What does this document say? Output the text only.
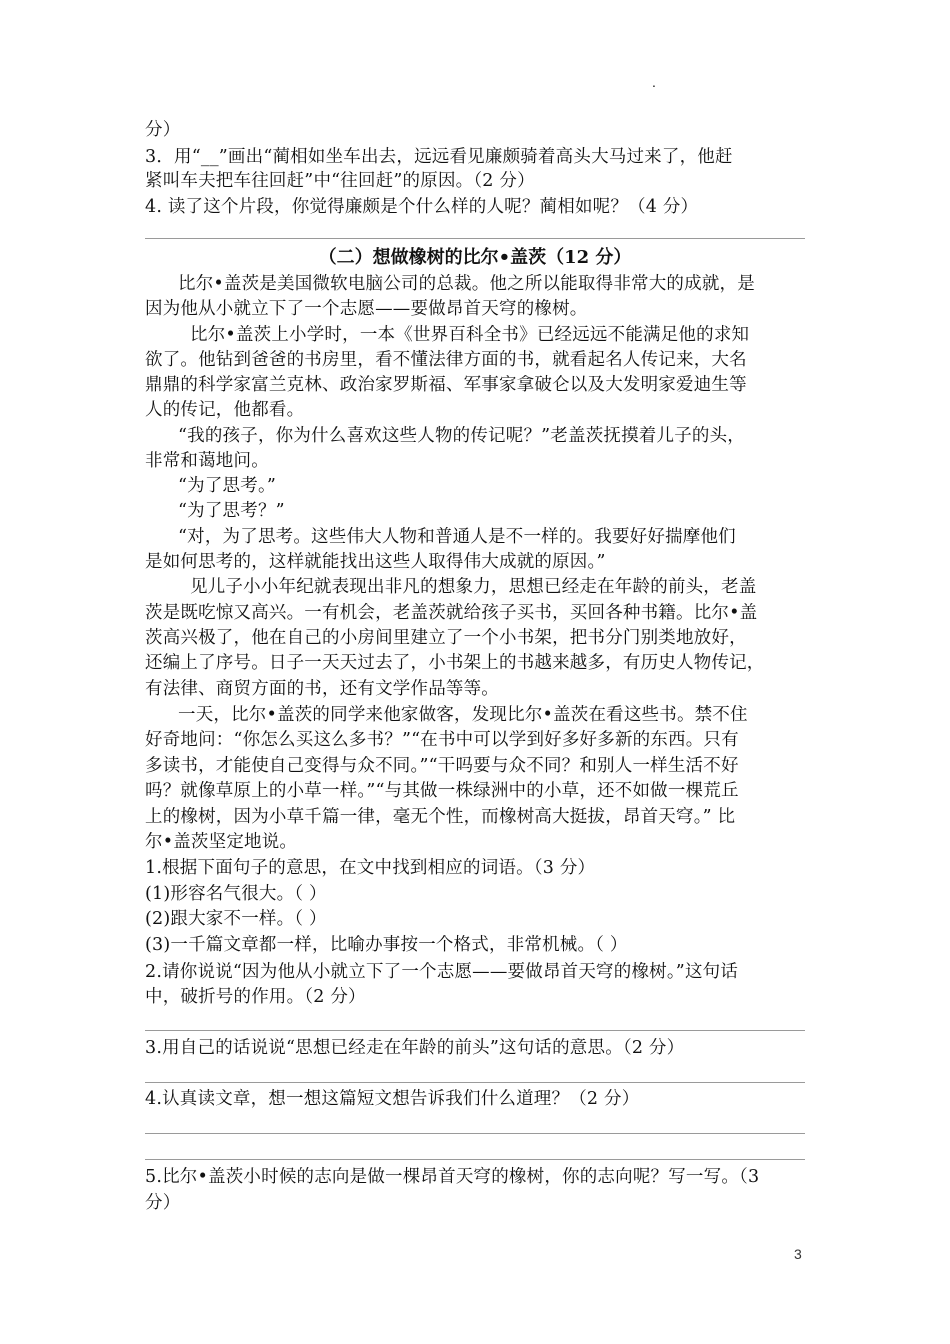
.
分）
3．用“__”画出“蔺相如坐车出去，远远看见廉颇骑着高头大马过来了，他赶
紧叫车夫把车往回赶”中“往回赶”的原因。（2 分）
4. 读了这个片段，你觉得廉颇是个什么样的人呢？蔺相如呢？（4 分）
（二）想做橡树的比尔•盖茨（12 分）
比尔•盖茨是美国微软电脑公司的总裁。他之所以能取得非常大的成就，是
因为他从小就立下了一个志愿——要做昂首天穹的橡树。
比尔•盖茨上小学时，一本《世界百科全书》已经远远不能满足他的求知
欲了。他钻到爸爸的书房里，看不懂法律方面的书，就看起名人传记来，大名
鼎鼎的科学家富兰克林、政治家罗斯福、军事家拿破仑以及大发明家爱迪生等
人的传记，他都看。
“我的孩子，你为什么喜欢这些人物的传记呢？”老盖茨抚摸着儿子的头，
非常和蔼地问。
“为了思考。”
“为了思考？”
“对，为了思考。这些伟大人物和普通人是不一样的。我要好好揣摩他们
是如何思考的，这样就能找出这些人取得伟大成就的原因。”
见儿子小小年纪就表现出非凡的想象力，思想已经走在年龄的前头，老盖
茨是既吃惊又高兴。一有机会，老盖茨就给孩子买书，买回各种书籍。比尔•盖
茨高兴极了，他在自己的小房间里建立了一个小书架，把书分门别类地放好，
还编上了序号。日子一天天过去了，小书架上的书越来越多，有历史人物传记，
有法律、商贸方面的书，还有文学作品等等。
一天，比尔•盖茨的同学来他家做客，发现比尔•盖茨在看这些书。禁不住
好奇地问：“你怎么买这么多书？”“在书中可以学到好多好多新的东西。只有
多读书，才能使自己变得与众不同。”“干吗要与众不同？和别人一样生活不好
吗？就像草原上的小草一样。”“与其做一株绿洲中的小草，还不如做一棵荒丘
上的橡树，因为小草千篇一律，毫无个性，而橡树高大挺拔，昂首天穹。” 比
尔•盖茨坚定地说。
1.根据下面句子的意思，在文中找到相应的词语。（3 分）
(1)形容名气很大。（ ）
(2)跟大家不一样。（ ）
(3)一千篇文章都一样，比喻办事按一个格式，非常机械。（ ）
2.请你说说“因为他从小就立下了一个志愿——要做昂首天穹的橡树。”这句话
中，破折号的作用。（2 分）
3.用自己的话说说“思想已经走在年龄的前头”这句话的意思。（2 分）
4.认真读文章，想一想这篇短文想告诉我们什么道理？（2 分）
5.比尔•盖茨小时候的志向是做一棵昂首天穹的橡树，你的志向呢？写一写。（3
分）
3
